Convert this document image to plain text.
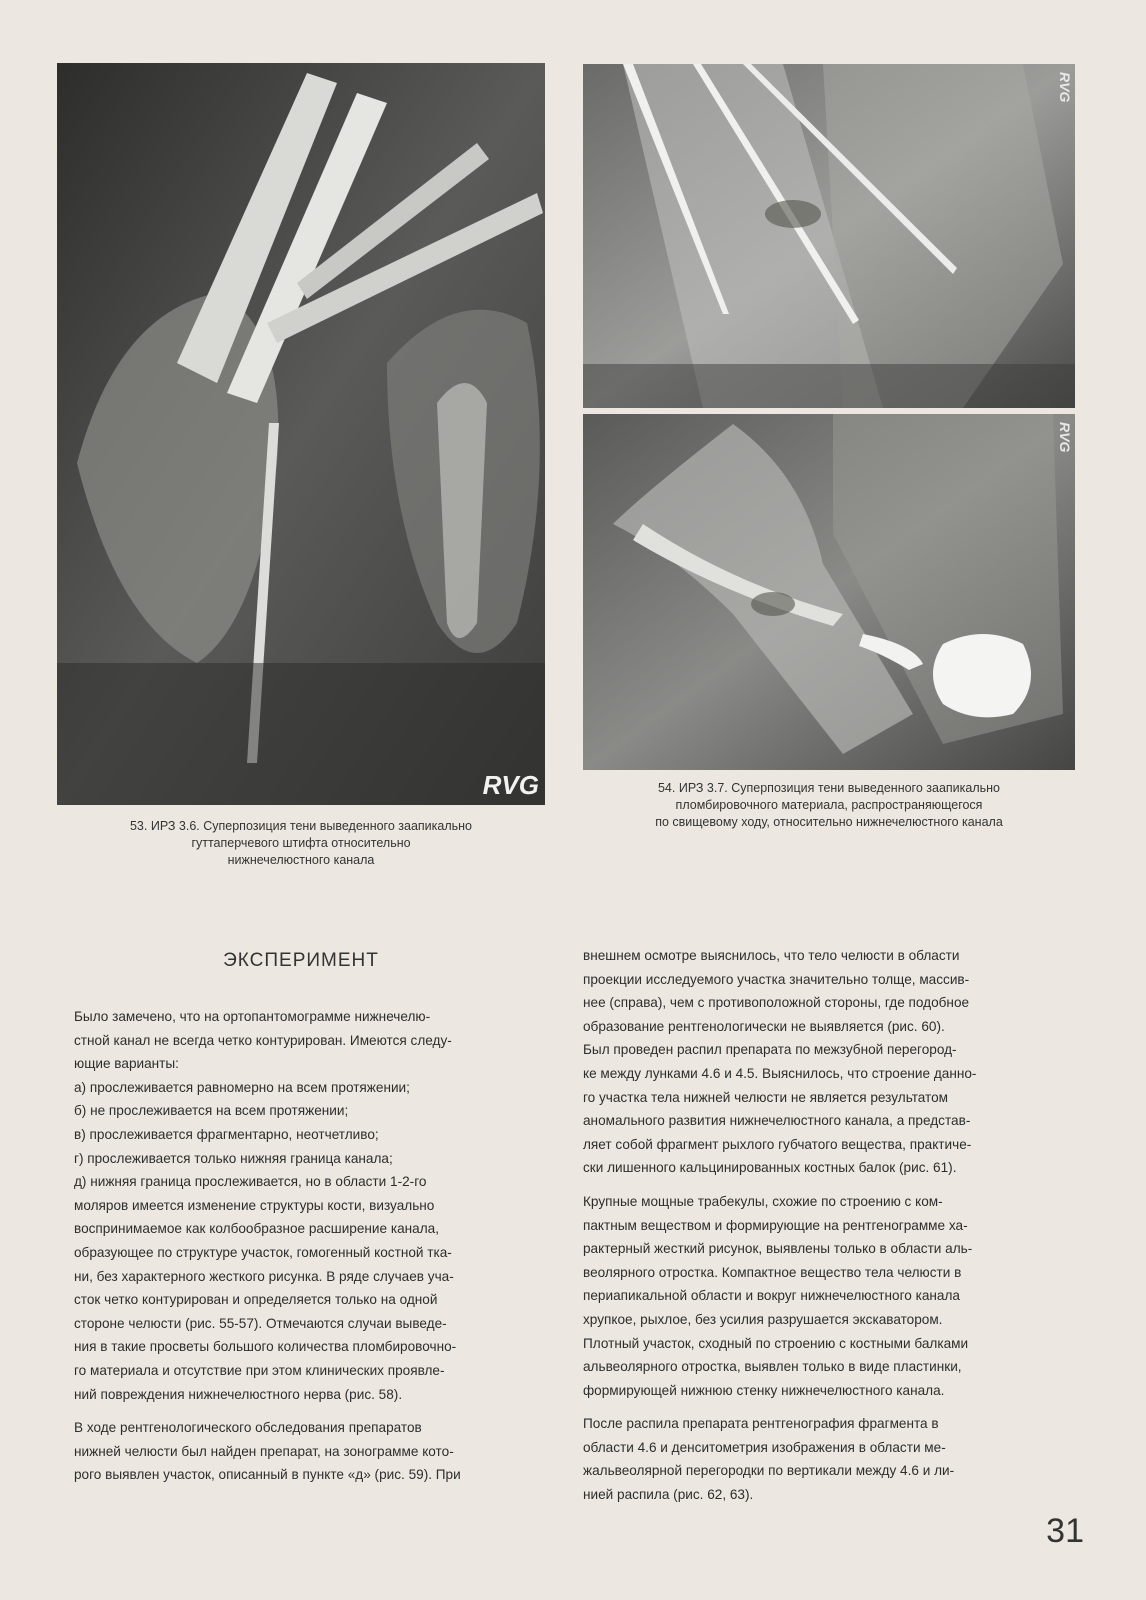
RVG
RVG
RVG
53. ИРЗ 3.6. Суперпозиция тени выведенного заапикально
гуттаперчевого штифта относительно
нижнечелюстного канала
54. ИРЗ 3.7. Суперпозиция тени выведенного заапикально
пломбировочного материала, распространяющегося
по свищевому ходу, относительно нижнечелюстного канала
ЭКСПЕРИМЕНТ

Было замечено, что на ортопантомограмме нижнечелю-

стной канал не всегда четко контурирован. Имеются следу-

ющие варианты:

а) прослеживается равномерно на всем протяжении;

б) не прослеживается на всем протяжении;

в) прослеживается фрагментарно, неотчетливо;

г) прослеживается только нижняя граница канала;

д) нижняя граница прослеживается, но в области 1-2-го

моляров имеется изменение структуры кости, визуально

воспринимаемое как колбообразное расширение канала,

образующее по структуре участок, гомогенный костной тка-

ни, без характерного жесткого рисунка. В ряде случаев уча-

сток четко контурирован и определяется только на одной

стороне челюсти (рис. 55-57). Отмечаются случаи выведе-

ния в такие просветы большого количества пломбировочно-

го материала и отсутствие при этом клинических проявле-

ний повреждения нижнечелюстного нерва (рис. 58).

В ходе рентгенологического обследования препаратов

нижней челюсти был найден препарат, на зонограмме кото-

рого выявлен участок, описанный в пункте «д» (рис. 59). При

внешнем осмотре выяснилось, что тело челюсти в области

проекции исследуемого участка значительно толще, массив-

нее (справа), чем с противоположной стороны, где подобное

образование рентгенологически не выявляется (рис. 60).

Был проведен распил препарата по межзубной перегород-

ке между лунками 4.6 и 4.5. Выяснилось, что строение данно-

го участка тела нижней челюсти не является результатом

аномального развития нижнечелюстного канала, а представ-

ляет собой фрагмент рыхлого губчатого вещества, практиче-

ски лишенного кальцинированных костных балок (рис. 61).

Крупные мощные трабекулы, схожие по строению с ком-

пактным веществом и формирующие на рентгенограмме ха-

рактерный жесткий рисунок, выявлены только в области аль-

веолярного отростка. Компактное вещество тела челюсти в

периапикальной области и вокруг нижнечелюстного канала

хрупкое, рыхлое, без усилия разрушается экскаватором.

Плотный участок, сходный по строению с костными балками

альвеолярного отростка, выявлен только в виде пластинки,

формирующей нижнюю стенку нижнечелюстного канала.

После распила препарата рентгенография фрагмента в

области 4.6 и денситометрия изображения в области ме-

жальвеолярной перегородки по вертикали между 4.6 и ли-

нией распила (рис. 62, 63).

31
